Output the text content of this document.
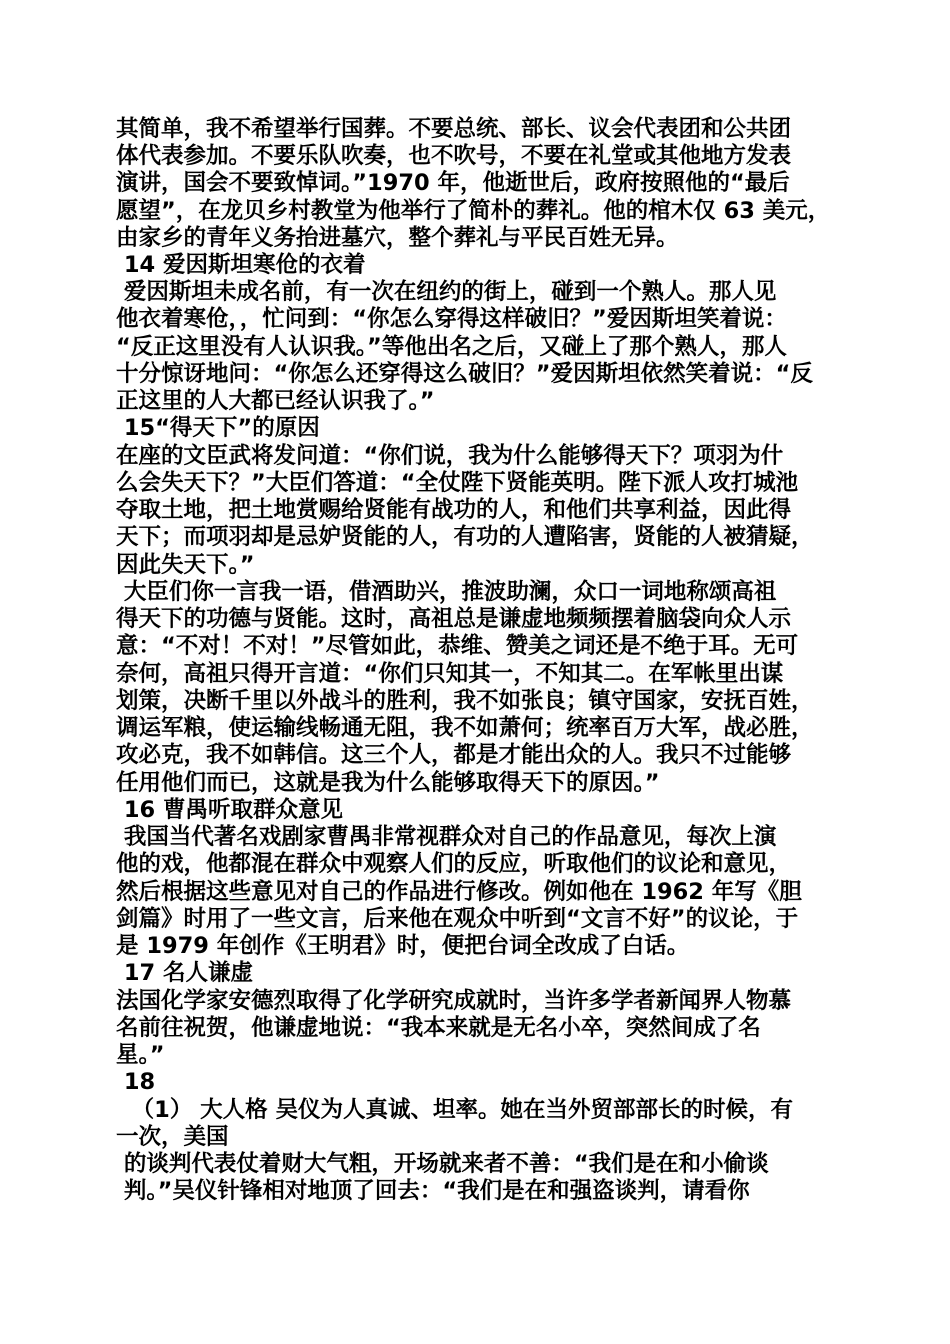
其简单，我不希望举行国葬。不要总统、部长、议会代表团和公共团
体代表参加。不要乐队吹奏，也不吹号，不要在礼堂或其他地方发表
演讲，国会不要致悼词。”1970 年，他逝世后，政府按照他的“最后
愿望”，在龙贝乡村教堂为他举行了简朴的葬礼。他的棺木仅 63 美元，
由家乡的青年义务抬进墓穴，整个葬礼与平民百姓无异。
14 爱因斯坦寒伧的衣着
爱因斯坦未成名前，有一次在纽约的街上，碰到一个熟人。那人见
他衣着寒伧，，忙问到：“你怎么穿得这样破旧？”爱因斯坦笑着说：
“反正这里没有人认识我。”等他出名之后，又碰上了那个熟人，那人
十分惊讶地问：“你怎么还穿得这么破旧？”爱因斯坦依然笑着说：“反
正这里的人大都已经认识我了。”
15“得天下”的原因
在座的文臣武将发问道：“你们说，我为什么能够得天下？项羽为什
么会失天下？”大臣们答道：“全仗陛下贤能英明。陛下派人攻打城池
夺取土地，把土地赏赐给贤能有战功的人，和他们共享利益，因此得
天下；而项羽却是忌妒贤能的人，有功的人遭陷害，贤能的人被猜疑，
因此失天下。”
大臣们你一言我一语，借酒助兴，推波助澜，众口一词地称颂高祖
得天下的功德与贤能。这时，高祖总是谦虚地频频摆着脑袋向众人示
意：“不对！不对！”尽管如此，恭维、赞美之词还是不绝于耳。无可
奈何，高祖只得开言道：“你们只知其一，不知其二。在军帐里出谋
划策，决断千里以外战斗的胜利，我不如张良；镇守国家，安抚百姓，
调运军粮，使运输线畅通无阻，我不如萧何；统率百万大军，战必胜，
攻必克，我不如韩信。这三个人，都是才能出众的人。我只不过能够
任用他们而已，这就是我为什么能够取得天下的原因。”
16 曹禺听取群众意见
我国当代著名戏剧家曹禺非常视群众对自己的作品意见，每次上演
他的戏，他都混在群众中观察人们的反应，听取他们的议论和意见，
然后根据这些意见对自己的作品进行修改。例如他在 1962 年写《胆
剑篇》时用了一些文言，后来他在观众中听到“文言不好”的议论，于
是 1979 年创作《王明君》时，便把台词全改成了白话。
17 名人谦虚
法国化学家安德烈取得了化学研究成就时，当许多学者新闻界人物慕
名前往祝贺，他谦虚地说：“我本来就是无名小卒，突然间成了名
星。”
18
（1） 大人格 吴仪为人真诚、坦率。她在当外贸部部长的时候，有
一次，美国
的谈判代表仗着财大气粗，开场就来者不善：“我们是在和小偷谈
判。”吴仪针锋相对地顶了回去：“我们是在和强盗谈判，请看你
